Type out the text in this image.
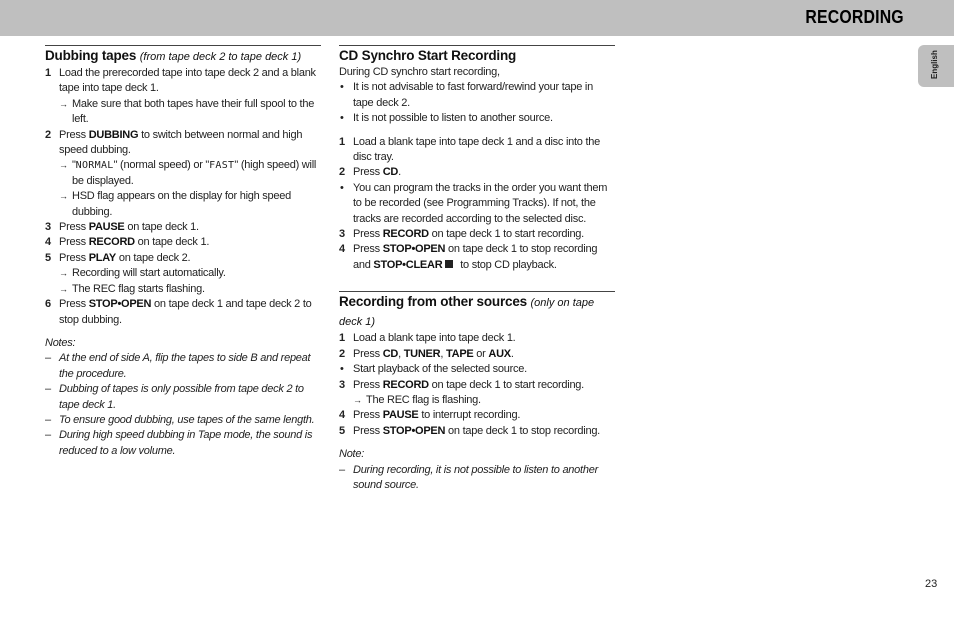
RECORDING
English
Dubbing tapes (from tape deck 2 to tape deck 1)
1 Load the prerecorded tape into tape deck 2 and a blank tape into tape deck 1.
→ Make sure that both tapes have their full spool to the left.
2 Press DUBBING to switch between normal and high speed dubbing.
→ "NORMAL" (normal speed) or "FAST" (high speed) will be displayed.
→ HSD flag appears on the display for high speed dubbing.
3 Press PAUSE on tape deck 1.
4 Press RECORD on tape deck 1.
5 Press PLAY on tape deck 2.
→ Recording will start automatically.
→ The REC flag starts flashing.
6 Press STOP•OPEN on tape deck 1 and tape deck 2 to stop dubbing.
Notes:
– At the end of side A, flip the tapes to side B and repeat the procedure.
– Dubbing of tapes is only possible from tape deck 2 to tape deck 1.
– To ensure good dubbing, use tapes of the same length.
– During high speed dubbing in Tape mode, the sound is reduced to a low volume.
CD Synchro Start Recording
During CD synchro start recording,
• It is not advisable to fast forward/rewind your tape in tape deck 2.
• It is not possible to listen to another source.
1 Load a blank tape into tape deck 1 and a disc into the disc tray.
2 Press CD.
• You can program the tracks in the order you want them to be recorded (see Programming Tracks). If not, the tracks are recorded according to the selected disc.
3 Press RECORD on tape deck 1 to start recording.
4 Press STOP•OPEN on tape deck 1 to stop recording and STOP•CLEAR to stop CD playback.
Recording from other sources (only on tape deck 1)
1 Load a blank tape into tape deck 1.
2 Press CD, TUNER, TAPE or AUX.
• Start playback of the selected source.
3 Press RECORD on tape deck 1 to start recording.
→ The REC flag is flashing.
4 Press PAUSE to interrupt recording.
5 Press STOP•OPEN on tape deck 1 to stop recording.
Note:
– During recording, it is not possible to listen to another sound source.
23
